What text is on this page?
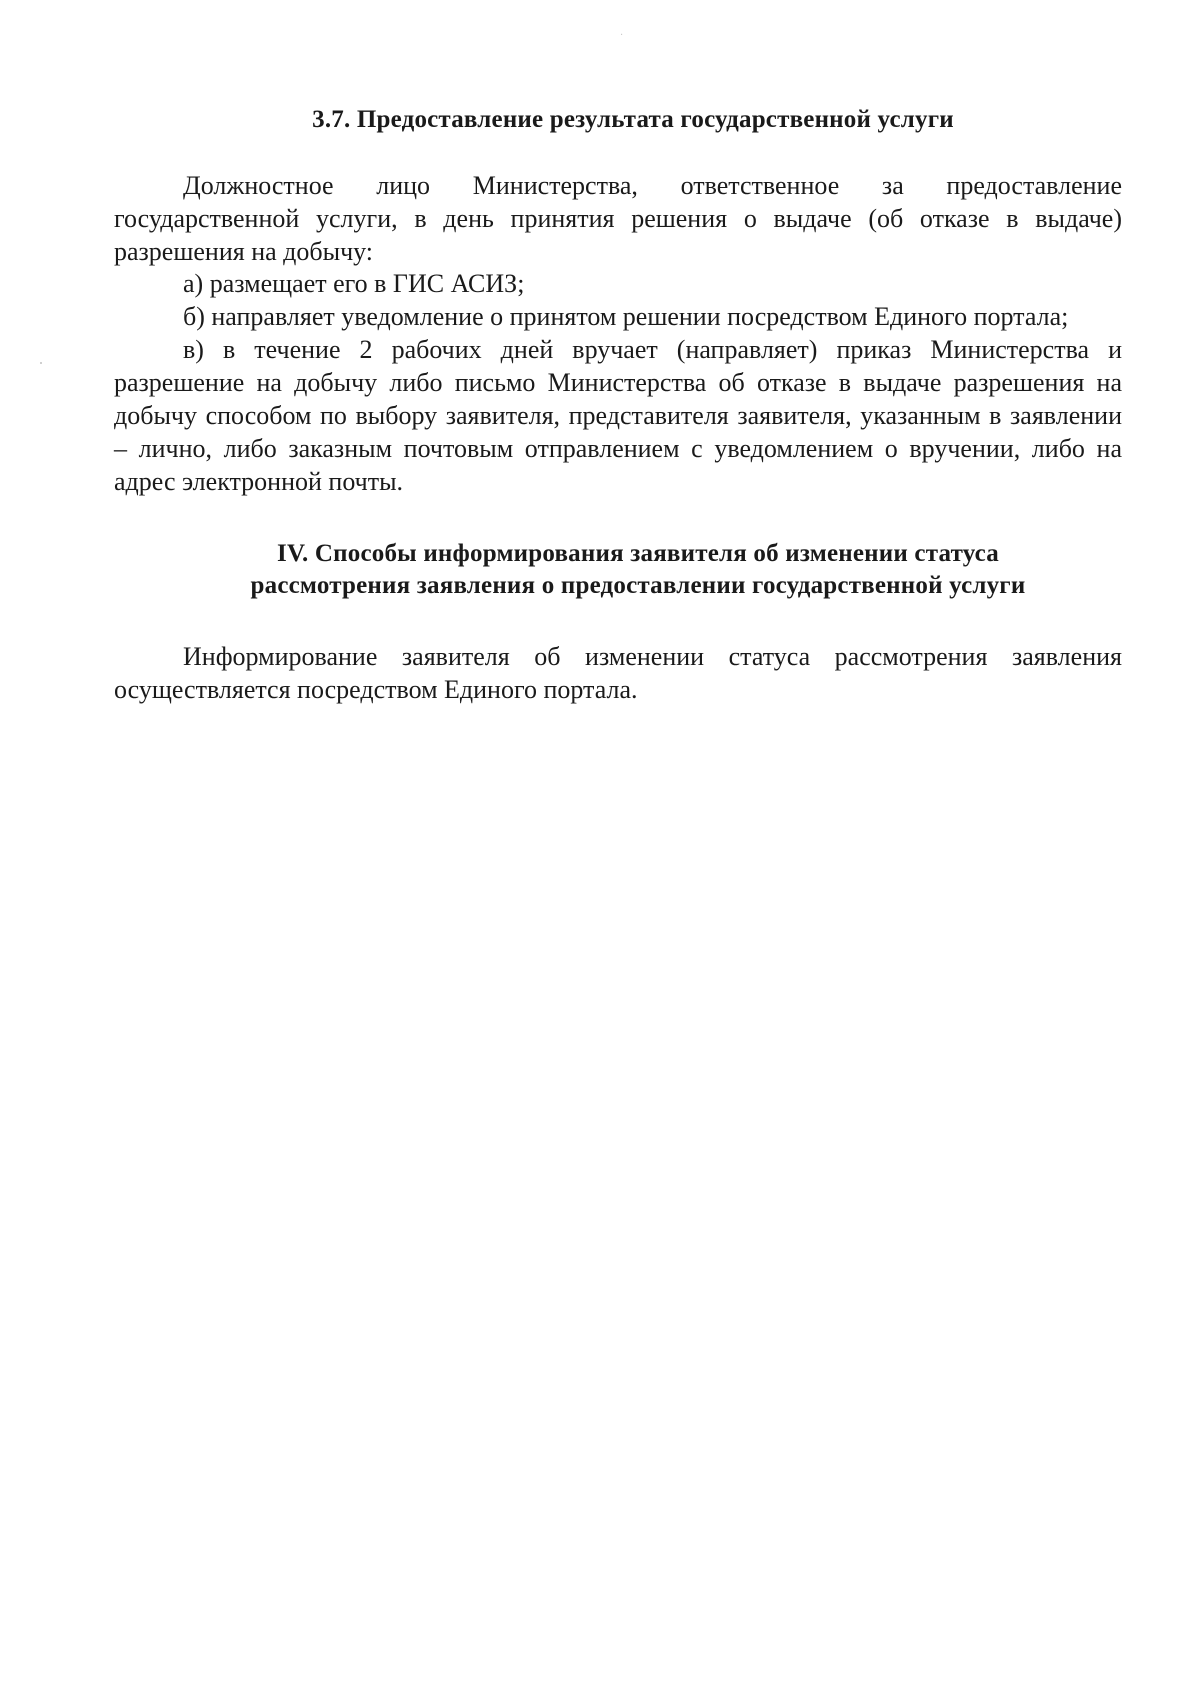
·
3.7. Предоставление результата государственной услуги

Должностное лицо Министерства, ответственное за предоставление государственной услуги, в день принятия решения о выдаче (об отказе в выдаче) разрешения на добычу:

а) размещает его в ГИС АСИЗ;

б) направляет уведомление о принятом решении посредством Единого портала;

в) в течение 2 рабочих дней вручает (направляет) приказ Министерства и разрешение на добычу либо письмо Министерства об отказе в выдаче разрешения на добычу способом по выбору заявителя, представителя заявителя, указанным в заявлении – лично, либо заказным почтовым отправлением с уведомлением о вручении, либо на адрес электронной почты.

IV. Способы информирования заявителя об изменении статуса
рассмотрения заявления о предоставлении государственной услуги

Информирование заявителя об изменении статуса рассмотрения заявления осуществляется посредством Единого портала.
